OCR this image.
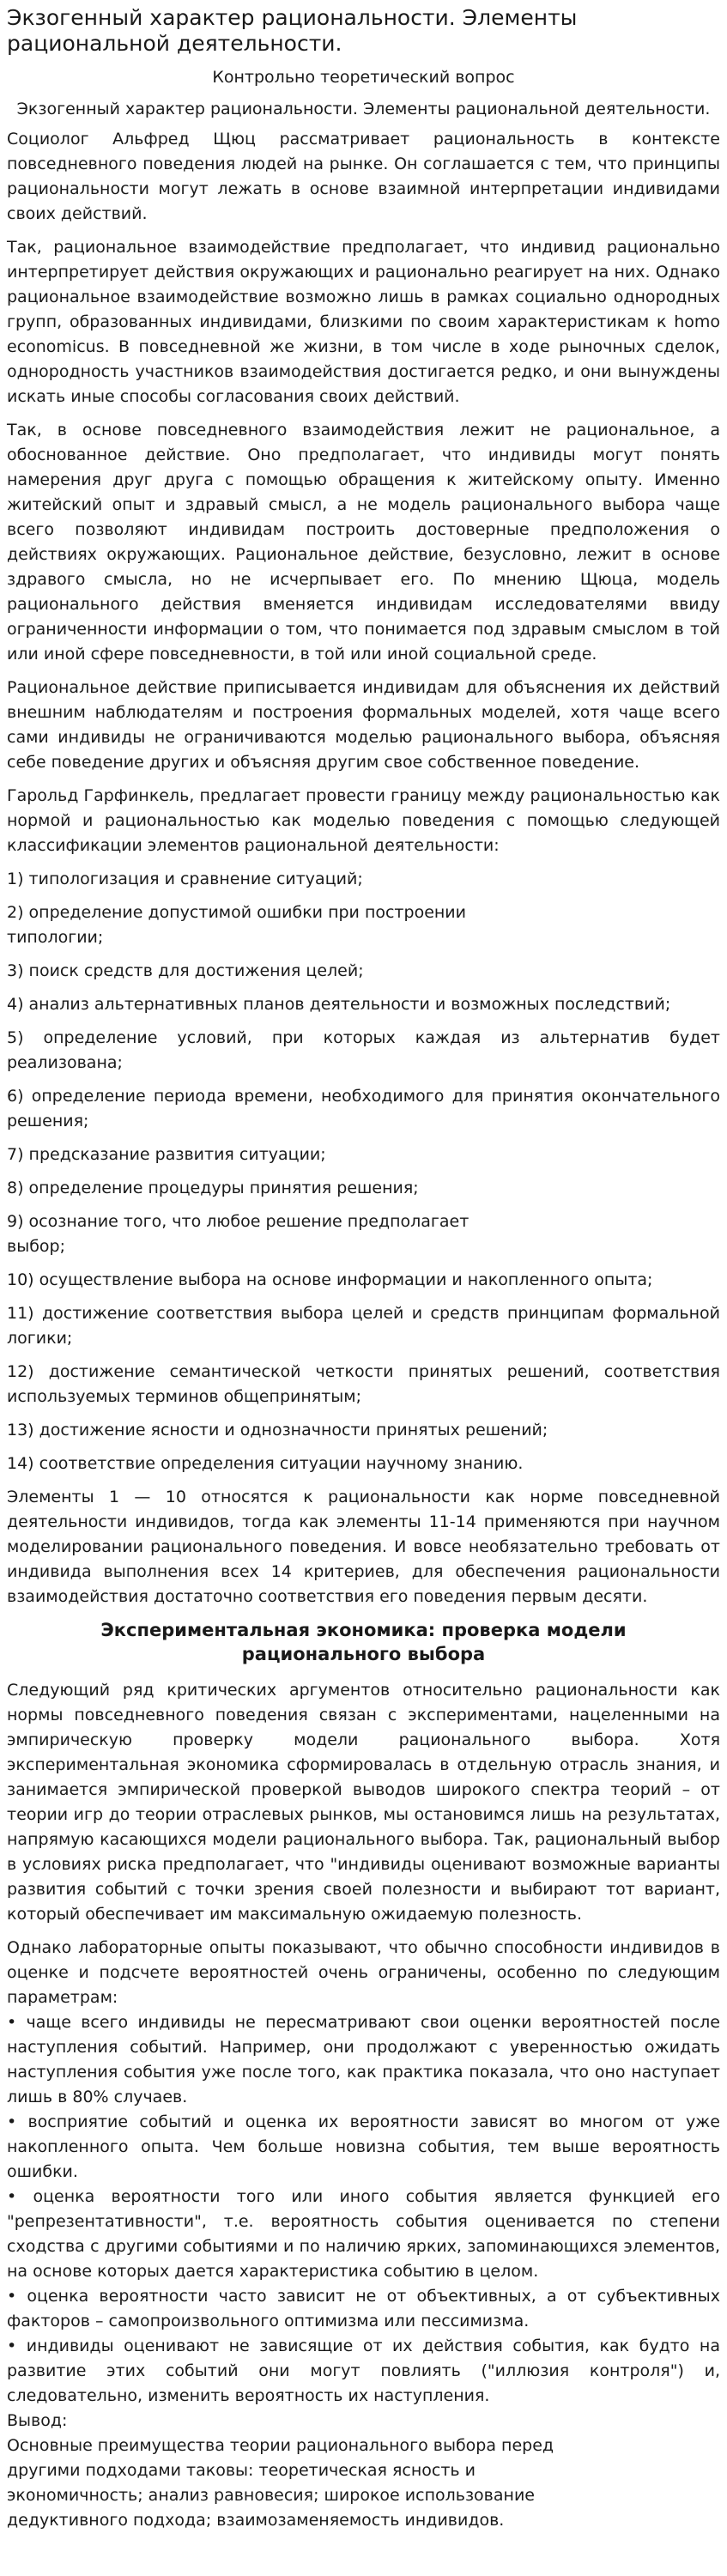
Экзогенный характер рациональности. Элементы рациональной деятельности.
Контрольно теоретический вопрос
Экзогенный характер рациональности. Элементы рациональной деятельности.

Социолог Альфред Щюц рассматривает рациональность в контексте повседневного поведения людей на рынке. Он соглашается с тем, что принципы рациональности могут лежать в основе взаимной интерпретации индивидами своих действий.

Так, рациональное взаимодействие предполагает, что индивид рационально интерпретирует действия окружающих и рационально реагирует на них. Однако рациональное взаимодействие возможно лишь в рамках социально однородных групп, образованных индивидами, близкими по своим характеристикам к homo economicus. В повседневной же жизни, в том числе в ходе рыночных сделок, однородность участников взаимодействия достигается редко, и они вынуждены искать иные способы согласования своих действий.

Так, в основе повседневного взаимодействия лежит не рациональное, а обоснованное действие. Оно предполагает, что индивиды могут понять намерения друг друга с помощью обращения к житейскому опыту. Именно житейский опыт и здравый смысл, а не модель рационального выбора чаще всего позволяют индивидам построить достоверные предположения о действиях окружающих. Рациональное действие, безусловно, лежит в основе здравого смысла, но не исчерпывает его. По мнению Щюца, модель рационального действия вменяется индивидам исследователями ввиду ограниченности информации о том, что понимается под здравым смыслом в той или иной сфере повседневности, в той или иной социальной среде.

Рациональное действие приписывается индивидам для объяснения их действий внешним наблюдателям и построения формальных моделей, хотя чаще всего сами индивиды не ограничиваются моделью рационального выбора, объясняя себе поведение других и объясняя другим свое собственное поведение.

Гарольд Гарфинкель, предлагает провести границу между рациональностью как нормой и рациональностью как моделью поведения с помощью следующей классификации элементов рациональной деятельности:

1) типологизация и сравнение ситуаций;
2) определение допустимой ошибки при построении типологии;
3) поиск средств для достижения целей;
4) анализ альтернативных планов деятельности и возможных последствий;
5) определение условий, при которых каждая из альтернатив будет реализована;
6) определение периода времени, необходимого для принятия окончательного решения;
7) предсказание развития ситуации;
8) определение процедуры принятия решения;
9) осознание того, что любое решение предполагает выбор;
10) осуществление выбора на основе информации и накопленного опыта;
11) достижение соответствия выбора целей и средств принципам формальной логики;
12) достижение семантической четкости принятых решений, соответствия используемых терминов общепринятым;
13) достижение ясности и однозначности принятых решений;
14) соответствие определения ситуации научному знанию.

Элементы 1 — 10 относятся к рациональности как норме повседневной деятельности индивидов, тогда как элементы 11-14 применяются при научном моделировании рационального поведения. И вовсе необязательно требовать от индивида выполнения всех 14 критериев, для обеспечения рациональности взаимодействия достаточно соответствия его поведения первым десяти.

Экспериментальная экономика: проверка модели рационального выбора

Следующий ряд критических аргументов относительно рациональности как нормы повседневного поведения связан с экспериментами, нацеленными на эмпирическую проверку модели рационального выбора. Хотя экспериментальная экономика сформировалась в отдельную отрасль знания, и занимается эмпирической проверкой выводов широкого спектра теорий – от теории игр до теории отраслевых рынков, мы остановимся лишь на результатах, напрямую касающихся модели рационального выбора. Так, рациональный выбор в условиях риска предполагает, что "индивиды оценивают возможные варианты развития событий с точки зрения своей полезности и выбирают тот вариант, который обеспечивает им максимальную ожидаемую полезность.

Однако лабораторные опыты показывают, что обычно способности индивидов в оценке и подсчете вероятностей очень ограничены, особенно по следующим параметрам:

• чаще всего индивиды не пересматривают свои оценки вероятностей после наступления событий. Например, они продолжают с уверенностью ожидать наступления события уже после того, как практика показала, что оно наступает лишь в 80% случаев.

• восприятие событий и оценка их вероятности зависят во многом от уже накопленного опыта. Чем больше новизна события, тем выше вероятность ошибки.

• оценка вероятности того или иного события является функцией его "репрезентативности", т.е. вероятность события оценивается по степени сходства с другими событиями и по наличию ярких, запоминающихся элементов, на основе которых дается характеристика событию в целом.

• оценка вероятности часто зависит не от объективных, а от субъективных факторов – самопроизвольного оптимизма или пессимизма.

• индивиды оценивают не зависящие от их действия события, как будто на развитие этих событий они могут повлиять ("иллюзия контроля") и, следовательно, изменить вероятность их наступления.

Вывод:

Основные преимущества теории рационального выбора перед

другими подходами таковы: теоретическая ясность и

экономичность; анализ равновесия; широкое использование

дедуктивного подхода; взаимозаменяемость индивидов.
